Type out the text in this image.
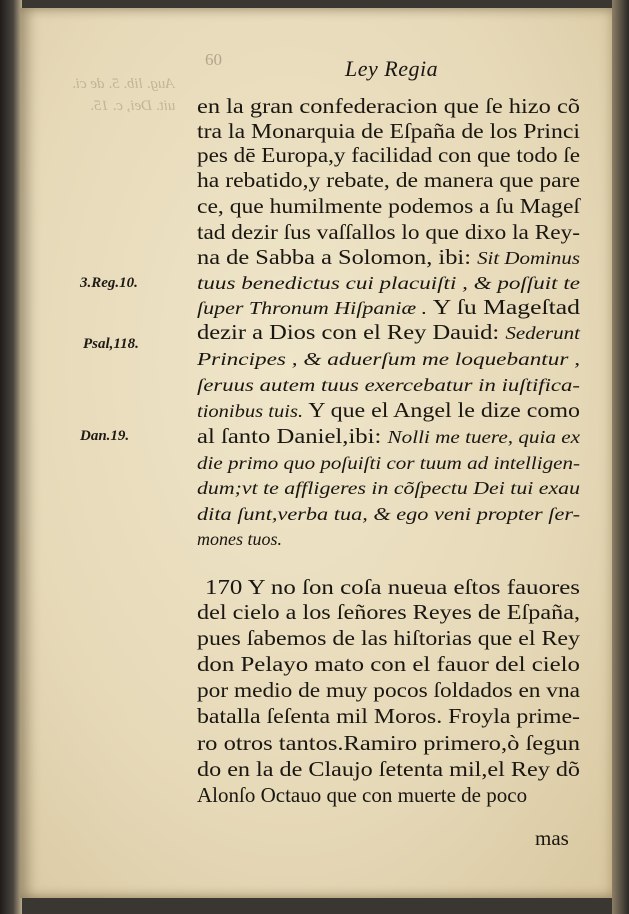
Aug. lib. 5. de ci.
uit. Dei, c. 15.
60	Ley Regia
3.Reg.10.
Psal,118.
Dan.19.
en la gran confederacion que ſe hizo cõ
tra la Monarquia de Eſpaña de los Princi
pes dē Europa,y facilidad con que todo ſe
ha rebatido,y rebate, de manera que pare
ce, que humilmente podemos a ſu Mageſ
tad dezir ſus vaſſallos lo que dixo la Rey-
na de Sabba a Solomon, ibi: Sit Dominus
tuus benedictus cui placuiſti , & poſſuit te
ſuper Thronum Hiſpaniæ . Y ſu Mageſtad
dezir a Dios con el Rey Dauid: Sederunt
Principes , & aduerſum me loquebantur ,
ſeruus autem tuus exercebatur in iuſtifica-
tionibus tuis. Y que el Angel le dize como
al ſanto Daniel,ibi: Nolli me tuere, quia ex
die primo quo poſuiſti cor tuum ad intelligen-
dum;vt te affligeres in cõſpectu Dei tui exau
dita ſunt,verba tua, & ego veni propter ſer-
mones tuos.
170 Y no ſon coſa nueua eſtos fauores
del cielo a los ſeñores Reyes de Eſpaña,
pues ſabemos de las hiſtorias que el Rey
don Pelayo mato con el fauor del cielo
por medio de muy pocos ſoldados en vna
batalla ſeſenta mil Moros. Froyla prime-
ro otros tantos.Ramiro primero,ò ſegun
do en la de Claujo ſetenta mil,el Rey dõ
Alonſo Octauo que con muerte de poco
mas
